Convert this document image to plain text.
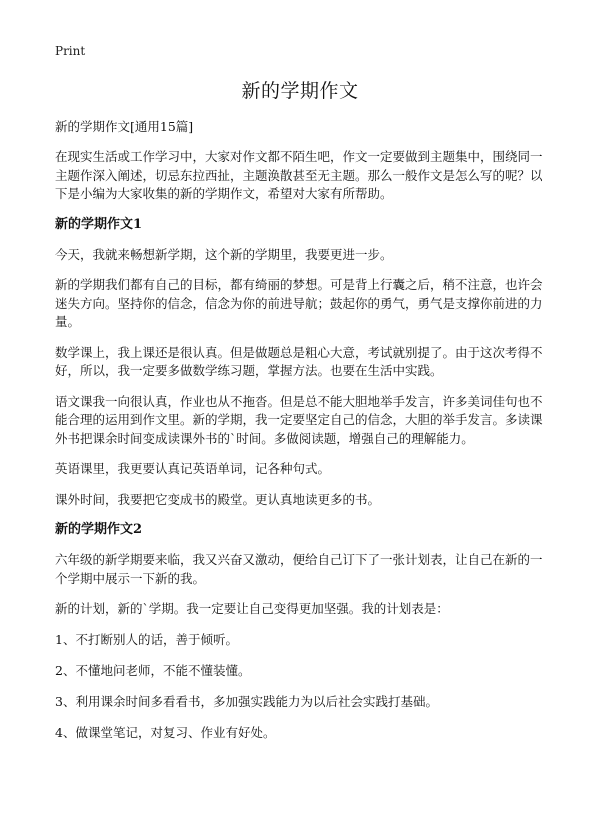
Print
新的学期作文
新的学期作文[通用15篇]

在现实生活或工作学习中，大家对作文都不陌生吧，作文一定要做到主题集中，围绕同一主题作深入阐述，切忌东拉西扯，主题涣散甚至无主题。那么一般作文是怎么写的呢？以下是小编为大家收集的新的学期作文，希望对大家有所帮助。

新的学期作文1

今天，我就来畅想新学期，这个新的学期里，我要更进一步。

新的学期我们都有自己的目标，都有绮丽的梦想。可是背上行囊之后，稍不注意，也许会迷失方向。坚持你的信念，信念为你的前进导航；鼓起你的勇气，勇气是支撑你前进的力量。

数学课上，我上课还是很认真。但是做题总是粗心大意，考试就别提了。由于这次考得不好，所以，我一定要多做数学练习题，掌握方法。也要在生活中实践。

语文课我一向很认真，作业也从不拖沓。但是总不能大胆地举手发言，许多美词佳句也不能合理的运用到作文里。新的学期，我一定要坚定自己的信念，大胆的举手发言。多读课外书把课余时间变成读课外书的`时间。多做阅读题，增强自己的理解能力。

英语课里，我更要认真记英语单词，记各种句式。

课外时间，我要把它变成书的殿堂。更认真地读更多的书。

新的学期作文2

六年级的新学期要来临，我又兴奋又激动，便给自己订下了一张计划表，让自己在新的一个学期中展示一下新的我。

新的计划，新的`学期。我一定要让自己变得更加坚强。我的计划表是：

1、不打断别人的话，善于倾听。
2、不懂地问老师，不能不懂装懂。
3、利用课余时间多看看书，多加强实践能力为以后社会实践打基础。
4、做课堂笔记，对复习、作业有好处。
